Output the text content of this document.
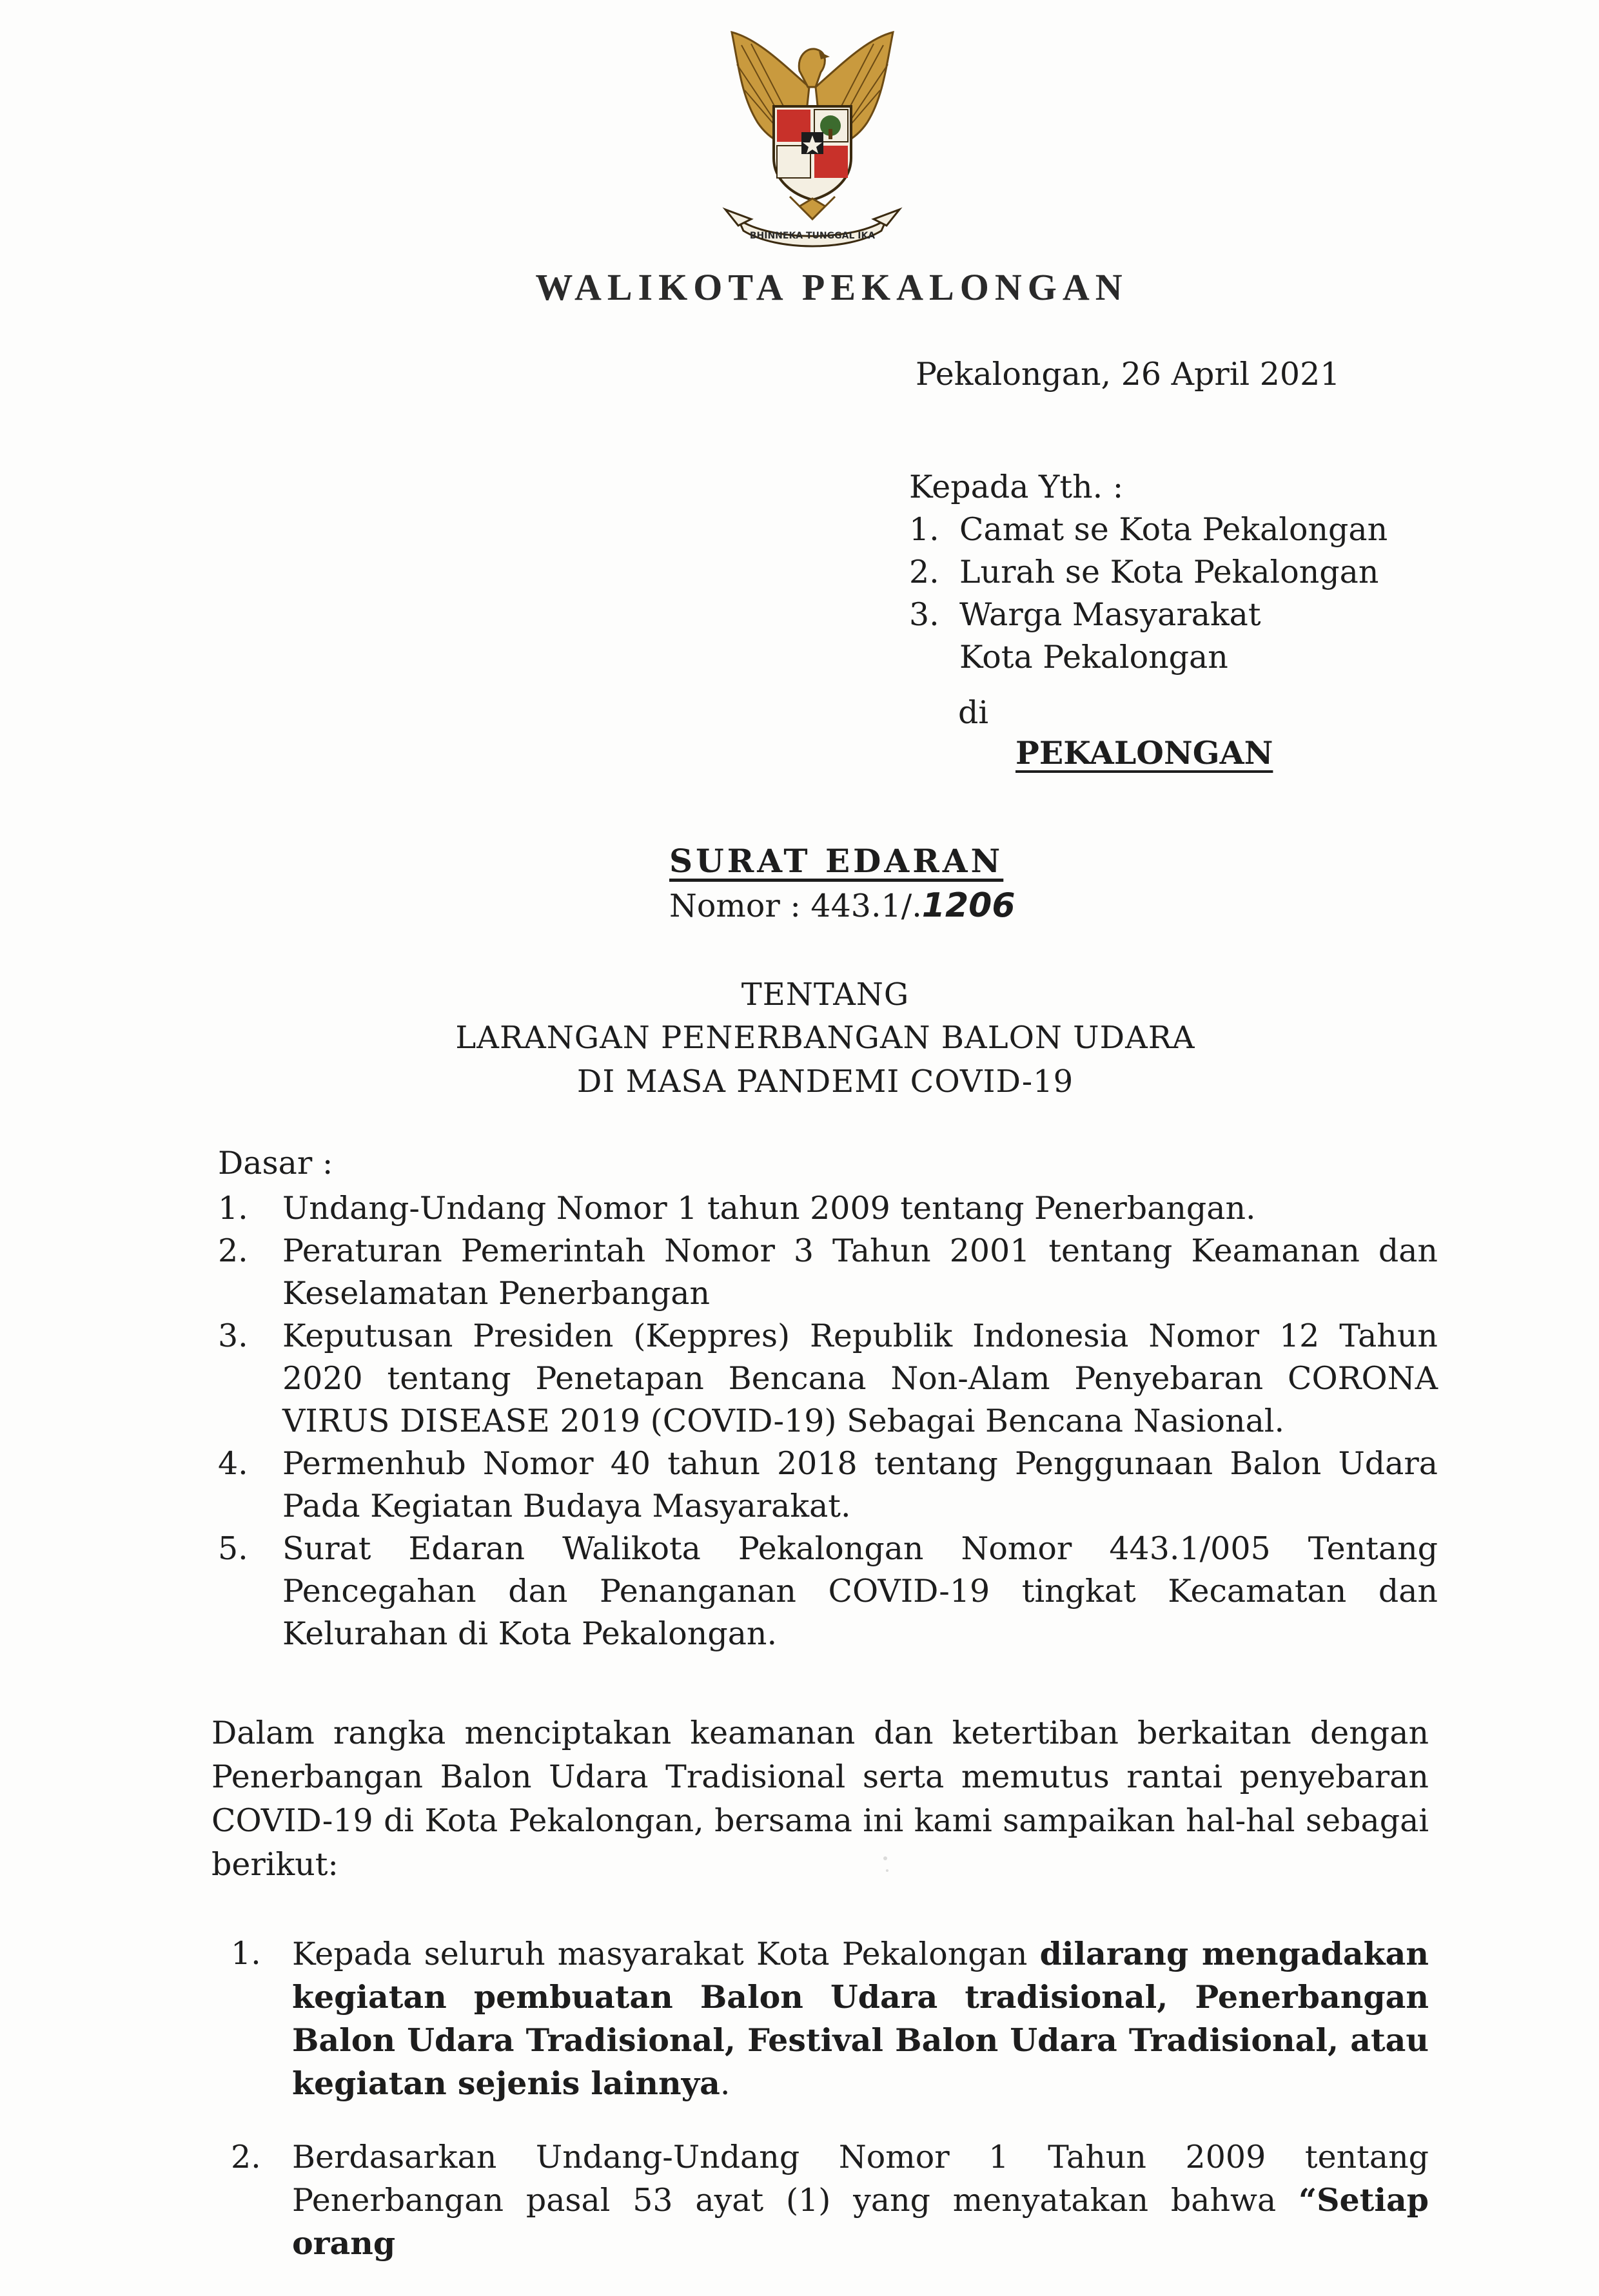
BHINNEKA TUNGGAL IKA
WALIKOTA PEKALONGAN
Pekalongan, 26 April 2021
Kepada Yth. :
1. Camat se Kota Pekalongan
2. Lurah se Kota Pekalongan
3. Warga Masyarakat
Kota Pekalongan
di
PEKALONGAN
SURAT EDARAN
Nomor : 443.1/.1206
TENTANG
LARANGAN PENERBANGAN BALON UDARA
DI MASA PANDEMI COVID-19
Dasar :
1.	Undang-Undang Nomor 1 tahun 2009 tentang Penerbangan.
2.	Peraturan Pemerintah Nomor 3 Tahun 2001 tentang Keamanan dan Keselamatan Penerbangan
3.	Keputusan Presiden (Keppres) Republik Indonesia Nomor 12 Tahun 2020 tentang Penetapan Bencana Non-Alam Penyebaran CORONA VIRUS DISEASE 2019 (COVID-19) Sebagai Bencana Nasional.
4.	Permenhub Nomor 40 tahun 2018 tentang Penggunaan Balon Udara Pada Kegiatan Budaya Masyarakat.
5.	Surat Edaran Walikota Pekalongan Nomor 443.1/005 Tentang Pencegahan dan Penanganan COVID-19 tingkat Kecamatan dan Kelurahan di Kota Pekalongan.
Dalam rangka menciptakan keamanan dan ketertiban berkaitan dengan Penerbangan Balon Udara Tradisional serta memutus rantai penyebaran COVID-19 di Kota Pekalongan, bersama ini kami sampaikan hal-hal sebagai berikut:
1. Kepada seluruh masyarakat Kota Pekalongan dilarang mengadakan kegiatan pembuatan Balon Udara tradisional, Penerbangan Balon Udara Tradisional, Festival Balon Udara Tradisional, atau kegiatan sejenis lainnya.
2. Berdasarkan Undang-Undang Nomor 1 Tahun 2009 tentang Penerbangan pasal 53 ayat (1) yang menyatakan bahwa “Setiap orang
